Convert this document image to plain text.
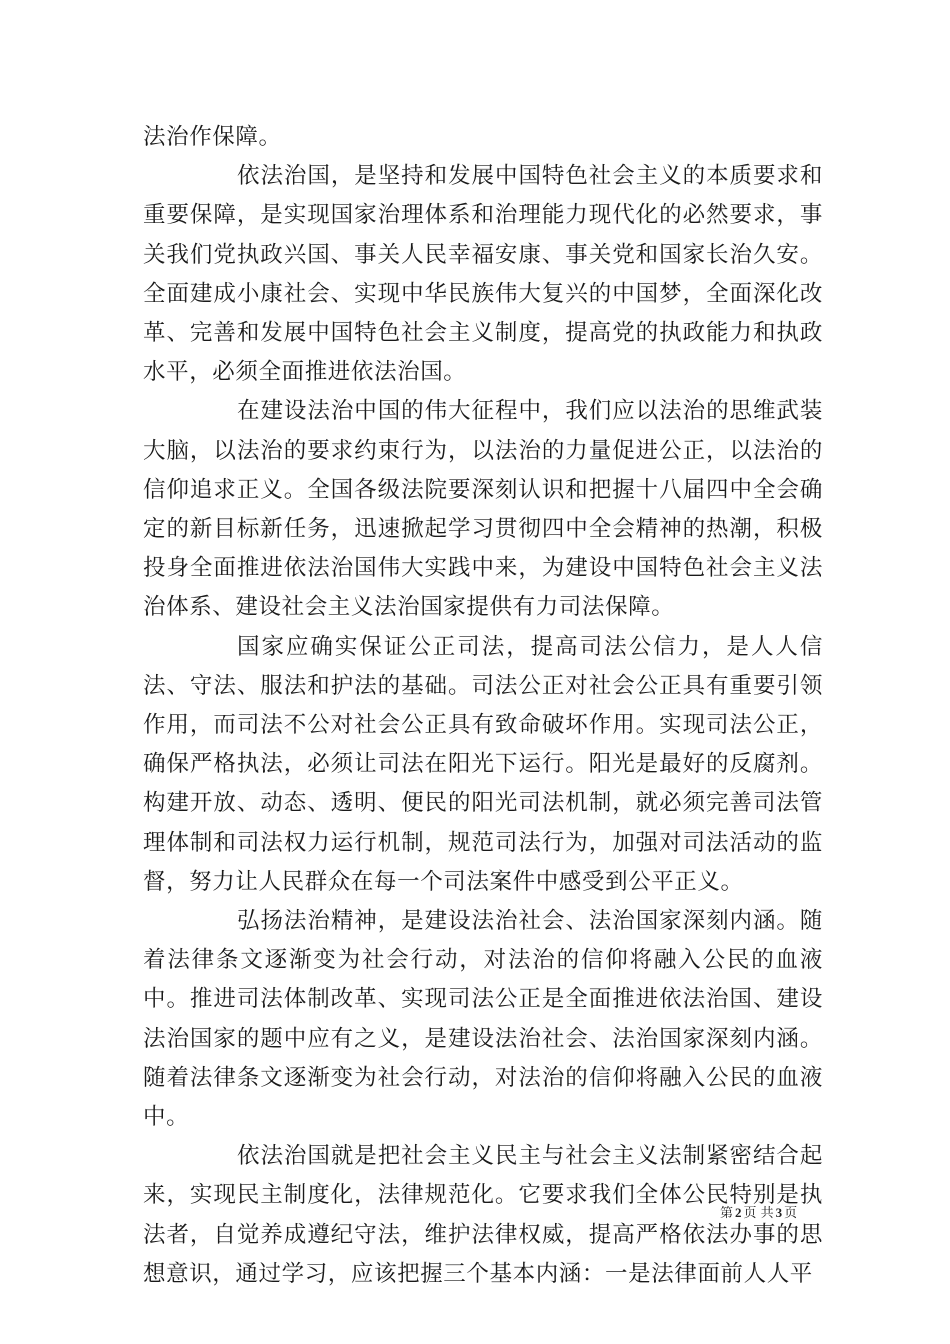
法治作保障。

依法治国，是坚持和发展中国特色社会主义的本质要求和重要保障，是实现国家治理体系和治理能力现代化的必然要求，事关我们党执政兴国、事关人民幸福安康、事关党和国家长治久安。全面建成小康社会、实现中华民族伟大复兴的中国梦，全面深化改革、完善和发展中国特色社会主义制度，提高党的执政能力和执政水平，必须全面推进依法治国。

在建设法治中国的伟大征程中，我们应以法治的思维武装大脑，以法治的要求约束行为，以法治的力量促进公正，以法治的信仰追求正义。全国各级法院要深刻认识和把握十八届四中全会确定的新目标新任务，迅速掀起学习贯彻四中全会精神的热潮，积极投身全面推进依法治国伟大实践中来，为建设中国特色社会主义法治体系、建设社会主义法治国家提供有力司法保障。

国家应确实保证公正司法，提高司法公信力，是人人信法、守法、服法和护法的基础。司法公正对社会公正具有重要引领作用，而司法不公对社会公正具有致命破坏作用。实现司法公正，确保严格执法，必须让司法在阳光下运行。阳光是最好的反腐剂。构建开放、动态、透明、便民的阳光司法机制，就必须完善司法管理体制和司法权力运行机制，规范司法行为，加强对司法活动的监督，努力让人民群众在每一个司法案件中感受到公平正义。

弘扬法治精神，是建设法治社会、法治国家深刻内涵。随着法律条文逐渐变为社会行动，对法治的信仰将融入公民的血液中。推进司法体制改革、实现司法公正是全面推进依法治国、建设法治国家的题中应有之义，是建设法治社会、法治国家深刻内涵。随着法律条文逐渐变为社会行动，对法治的信仰将融入公民的血液中。

依法治国就是把社会主义民主与社会主义法制紧密结合起来，实现民主制度化，法律规范化。它要求我们全体公民特别是执法者，自觉养成遵纪守法，维护法律权威，提高严格依法办事的思想意识，通过学习，应该把握三个基本内涵：一是法律面前人人平

第 2 页 共 3 页
